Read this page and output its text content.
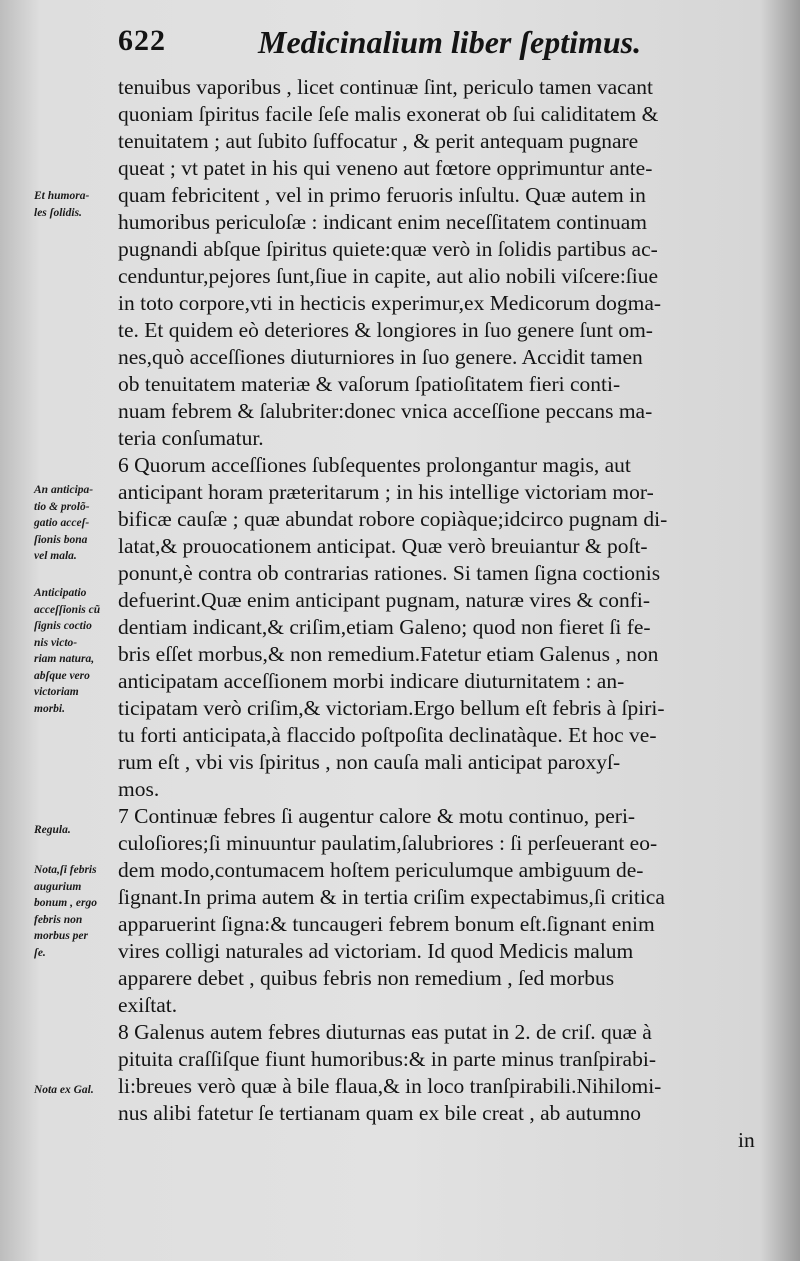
622	Medicinalium liber ſeptimus.
tenuibus vaporibus , licet continuæ ſint, periculo tamen vacant
quoniam ſpiritus facile ſeſe malis exonerat ob ſui caliditatem &
tenuitatem ; aut ſubito ſuffocatur , & perit antequam pugnare
queat ; vt patet in his qui veneno aut fœtore opprimuntur ante-
quam febricitent , vel in primo feruoris inſultu. Quæ autem in
humoribus periculoſæ : indicant enim neceſſitatem continuam
pugnandi abſque ſpiritus quiete:quæ verò in ſolidis partibus ac-
cenduntur,pejores ſunt,ſiue in capite, aut alio nobili viſcere:ſiue
in toto corpore,vti in hecticis experimur,ex Medicorum dogma-
te. Et quidem eò deteriores & longiores in ſuo genere ſunt om-
nes,quò acceſſiones diuturniores in ſuo genere. Accidit tamen
ob tenuitatem materiæ & vaſorum ſpatioſitatem fieri conti-
nuam febrem & ſalubriter:donec vnica acceſſione peccans ma-
teria conſumatur.
6 Quorum acceſſiones ſubſequentes prolongantur magis, aut
anticipant horam præteritarum ; in his intellige victoriam mor-
bificæ cauſæ ; quæ abundat robore copiàque;idcirco pugnam di-
latat,& prouocationem anticipat. Quæ verò breuiantur & poſt-
ponunt,è contra ob contrarias rationes. Si tamen ſigna coctionis
defuerint.Quæ enim anticipant pugnam, naturæ vires & confi-
dentiam indicant,& criſim,etiam Galeno; quod non fieret ſi fe-
bris eſſet morbus,& non remedium.Fatetur etiam Galenus , non
anticipatam acceſſionem morbi indicare diuturnitatem : an-
ticipatam verò criſim,& victoriam.Ergo bellum eſt febris à ſpiri-
tu forti anticipata,à flaccido poſtpoſita declinatàque. Et hoc ve-
rum eſt , vbi vis ſpiritus , non cauſa mali anticipat paroxyſ-
mos.
7 Continuæ febres ſi augentur calore & motu continuo, peri-
culoſiores;ſi minuuntur paulatim,ſalubriores : ſi perſeuerant eo-
dem modo,contumacem hoſtem periculumque ambiguum de-
ſignant.In prima autem & in tertia criſim expectabimus,ſi critica
apparuerint ſigna:& tuncaugeri febrem bonum eſt.ſignant enim
vires colligi naturales ad victoriam. Id quod Medicis malum
apparere debet , quibus febris non remedium , ſed morbus
exiſtat.
8 Galenus autem febres diuturnas eas putat in 2. de criſ. quæ à
pituita craſſiſque fiunt humoribus:& in parte minus tranſpirabi-
li:breues verò quæ à bile flaua,& in loco tranſpirabili.Nihilomi-
nus alibi fatetur ſe tertianam quam ex bile creat , ab autumno
in
Et humora-
les ſolidis.
An anticipa-
tio & prolõ-
gatio acceſ-
ſionis bona
vel mala.
Anticipatio
acceſſionis cũ
ſignis coctio
nis victo-
riam natura,
abſque vero
victoriam
morbi.
Regula.
Nota,ſi febris
augurium
bonum , ergo
febris non
morbus per
ſe.
Nota ex Gal.
